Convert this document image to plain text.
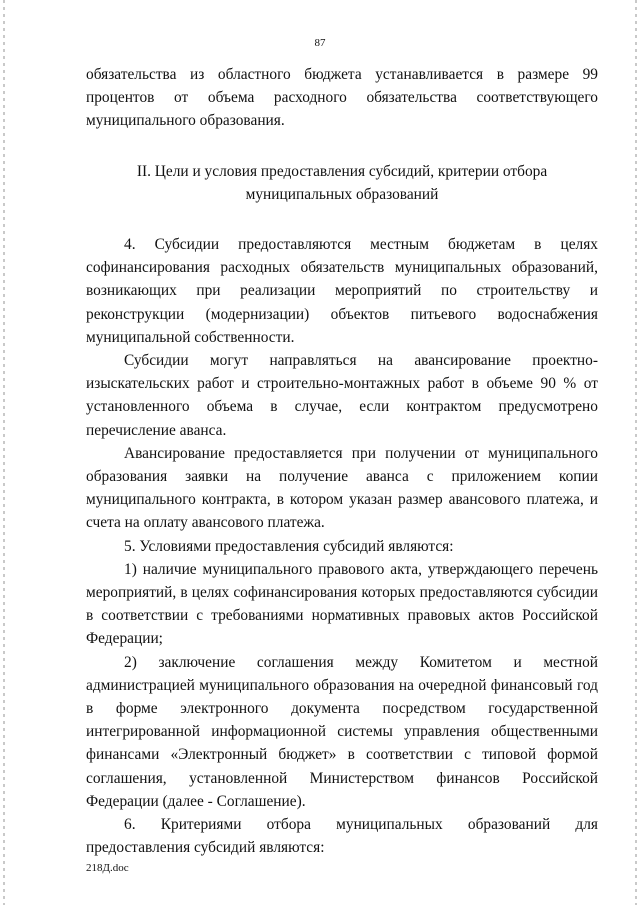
87

обязательства из областного бюджета устанавливается в размере 99 процентов от объема расходного обязательства соответствующего муниципального образования.

II. Цели и условия предоставления субсидий, критерии отбора
муниципальных образований

4. Субсидии предоставляются местным бюджетам в целях софинансирования расходных обязательств муниципальных образований, возникающих при реализации мероприятий по строительству и реконструкции (модернизации) объектов питьевого водоснабжения муниципальной собственности.

Субсидии могут направляться на авансирование проектно-изыскательских работ и строительно-монтажных работ в объеме 90 % от установленного объема в случае, если контрактом предусмотрено перечисление аванса.

Авансирование предоставляется при получении от муниципального образования заявки на получение аванса с приложением копии муниципального контракта, в котором указан размер авансового платежа, и счета на оплату авансового платежа.

5. Условиями предоставления субсидий являются:

1) наличие муниципального правового акта, утверждающего перечень мероприятий, в целях софинансирования которых предоставляются субсидии в соответствии с требованиями нормативных правовых актов Российской Федерации;

2) заключение соглашения между Комитетом и местной администрацией муниципального образования на очередной финансовый год в форме электронного документа посредством государственной интегрированной информационной системы управления общественными финансами «Электронный бюджет» в соответствии с типовой формой соглашения, установленной Министерством финансов Российской Федерации (далее - Соглашение).

6. Критериями отбора муниципальных образований для предоставления субсидий являются:

218Д.doc
